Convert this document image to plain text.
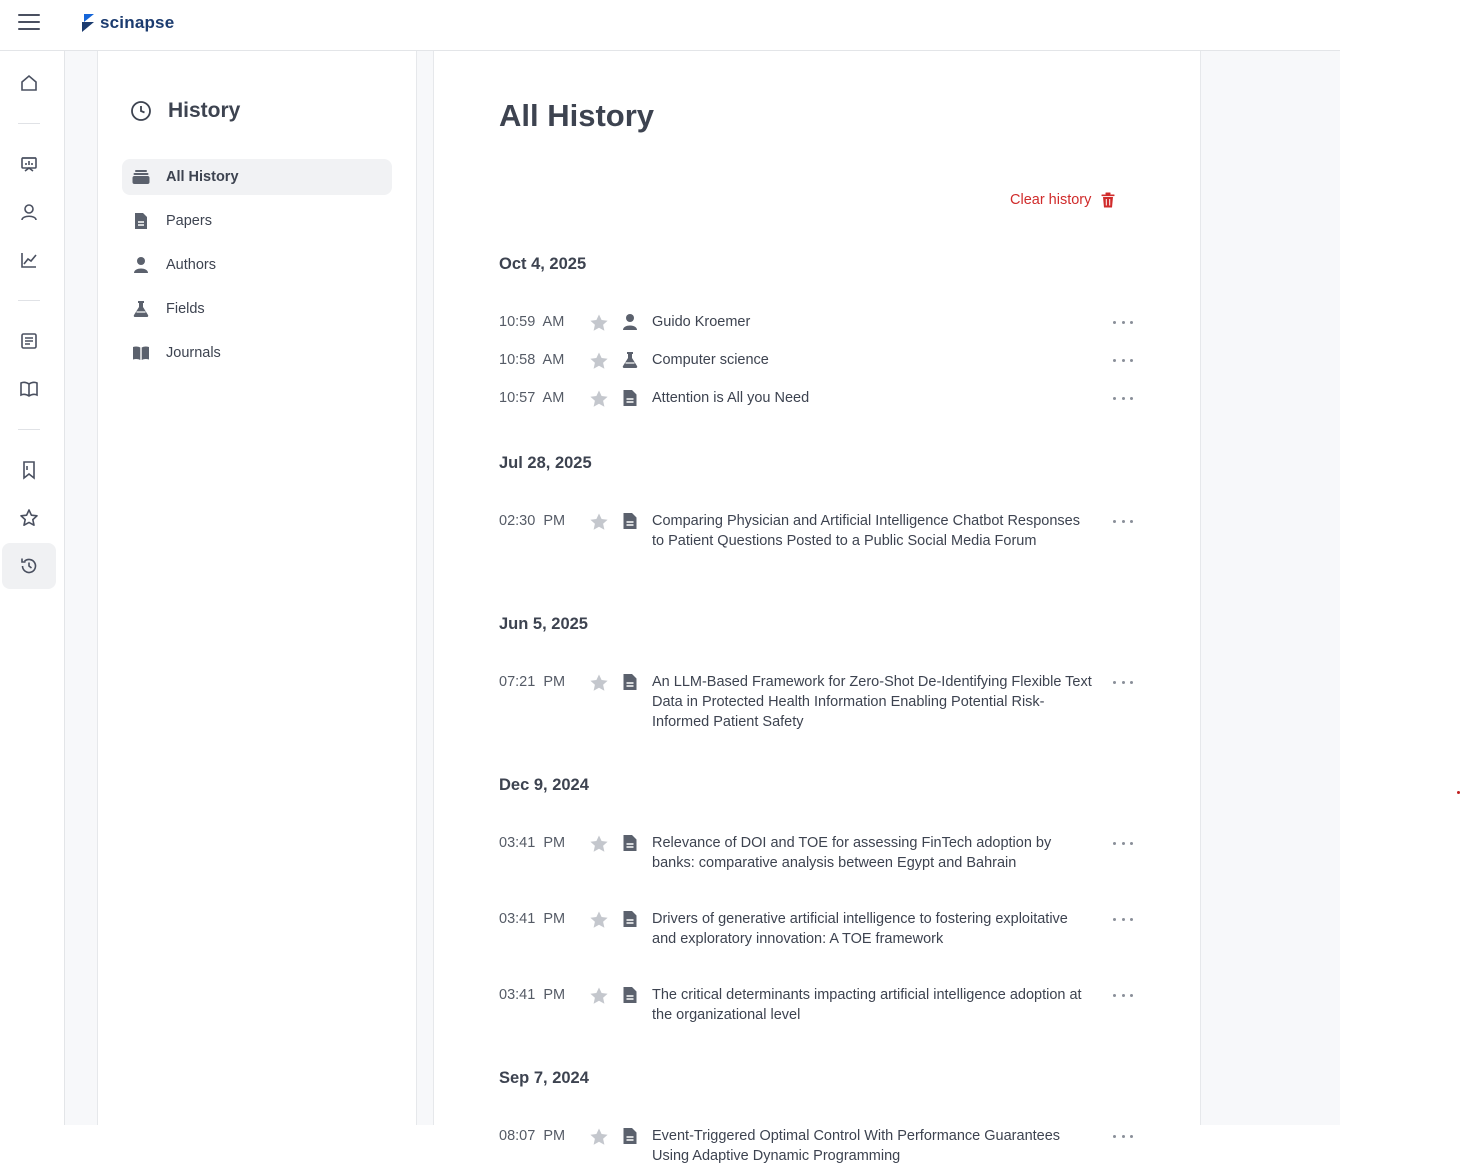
scinapse
History
All History
Papers
Authors
Fields
Journals
All History
Clear history
Oct 4, 2025
10:59  AM	Guido Kroemer
10:58  AM	Computer science
10:57  AM	Attention is All you Need
Jul 28, 2025
02:30  PM	Comparing Physician and Artificial Intelligence Chatbot Responses to Patient Questions Posted to a Public Social Media Forum
Jun 5, 2025
07:21  PM	An LLM-Based Framework for Zero-Shot De-Identifying Flexible Text Data in Protected Health Information Enabling Potential Risk-Informed Patient Safety
Dec 9, 2024
03:41  PM	Relevance of DOI and TOE for assessing FinTech adoption by banks: comparative analysis between Egypt and Bahrain
03:41  PM	Drivers of generative artificial intelligence to fostering exploitative and exploratory innovation: A TOE framework
03:41  PM	The critical determinants impacting artificial intelligence adoption at the organizational level
Sep 7, 2024
08:07  PM	Event-Triggered Optimal Control With Performance Guarantees Using Adaptive Dynamic Programming
